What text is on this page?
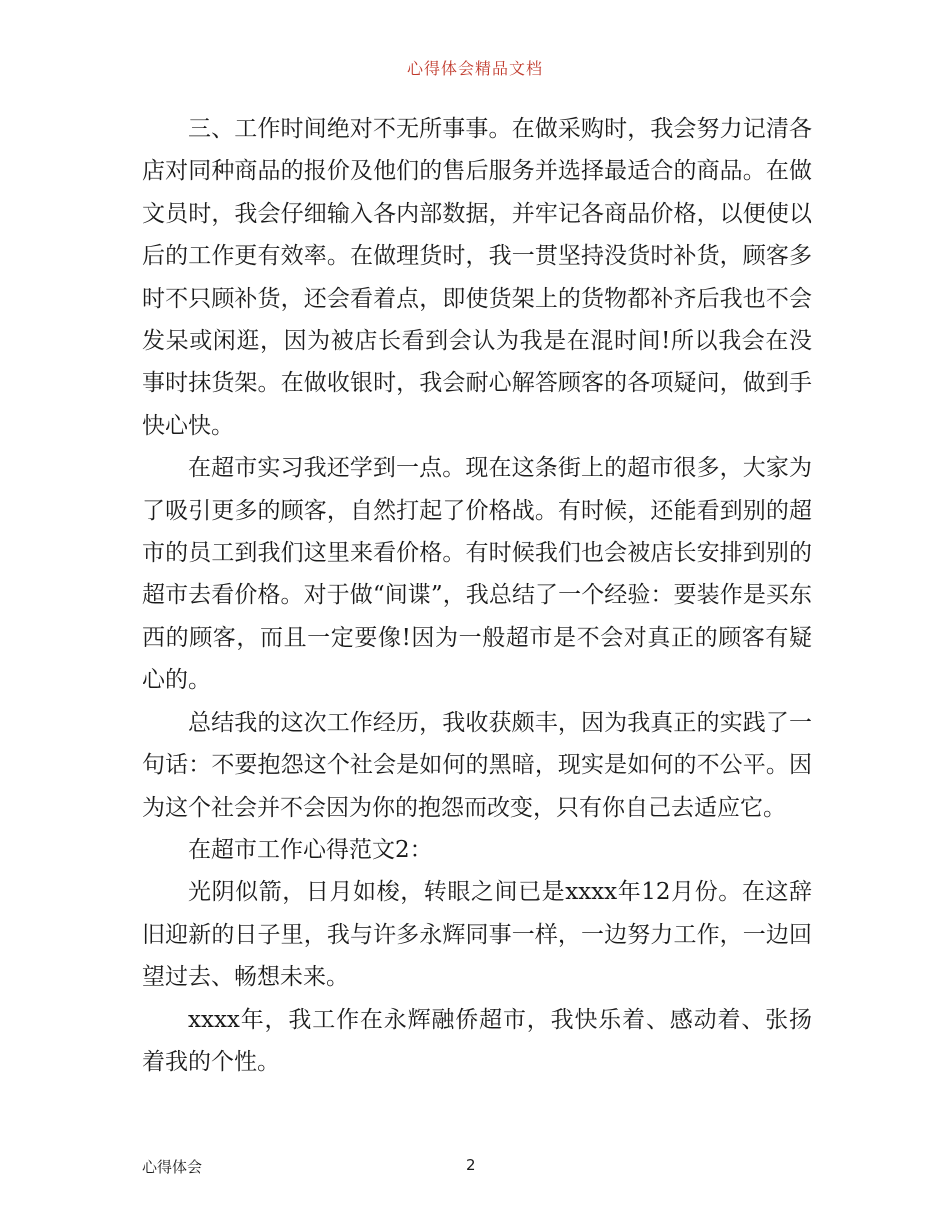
心得体会精品文档

三、工作时间绝对不无所事事。在做采购时，我会努力记清各店对同种商品的报价及他们的售后服务并选择最适合的商品。在做文员时，我会仔细输入各内部数据，并牢记各商品价格，以便使以后的工作更有效率。在做理货时，我一贯坚持没货时补货，顾客多时不只顾补货，还会看着点，即使货架上的货物都补齐后我也不会发呆或闲逛，因为被店长看到会认为我是在混时间!所以我会在没事时抹货架。在做收银时，我会耐心解答顾客的各项疑问，做到手快心快。

在超市实习我还学到一点。现在这条街上的超市很多，大家为了吸引更多的顾客，自然打起了价格战。有时候，还能看到别的超市的员工到我们这里来看价格。有时候我们也会被店长安排到别的超市去看价格。对于做“间谍”，我总结了一个经验：要装作是买东西的顾客，而且一定要像!因为一般超市是不会对真正的顾客有疑心的。

总结我的这次工作经历，我收获颇丰，因为我真正的实践了一句话：不要抱怨这个社会是如何的黑暗，现实是如何的不公平。因为这个社会并不会因为你的抱怨而改变，只有你自己去适应它。

在超市工作心得范文2：

光阴似箭，日月如梭，转眼之间已是xxxx年12月份。在这辞旧迎新的日子里，我与许多永辉同事一样，一边努力工作，一边回望过去、畅想未来。

xxxx年，我工作在永辉融侨超市，我快乐着、感动着、张扬着我的个性。

心得体会	2
